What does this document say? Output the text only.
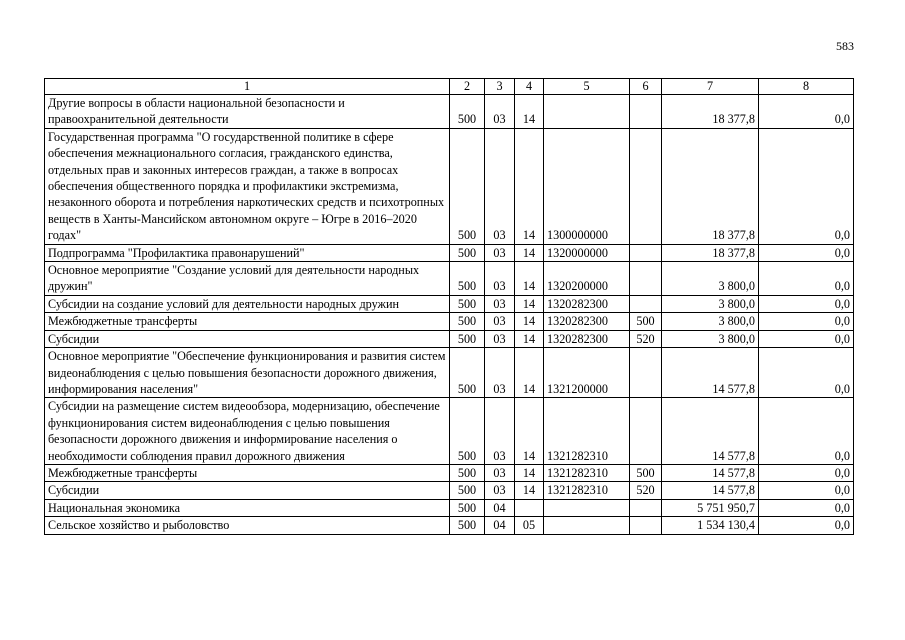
583
1	2	3	4	5	6	7	8
Другие вопросы в области национальной безопасности и правоохранительной деятельности	500	03	14			18 377,8	0,0
Государственная программа "О государственной политике в сфере обеспечения межнационального согласия, гражданского единства, отдельных прав и законных интересов граждан, а также в вопросах обеспечения общественного порядка и профилактики экстремизма, незаконного оборота и потребления наркотических средств и психотропных веществ в Ханты-Мансийском автономном округе – Югре в 2016–2020 годах"	500	03	14	1300000000		18 377,8	0,0
Подпрограмма "Профилактика правонарушений"	500	03	14	1320000000		18 377,8	0,0
Основное мероприятие "Создание условий для деятельности народных дружин"	500	03	14	1320200000		3 800,0	0,0
Субсидии на создание условий для деятельности народных дружин	500	03	14	1320282300		3 800,0	0,0
Межбюджетные трансферты	500	03	14	1320282300	500	3 800,0	0,0
Субсидии	500	03	14	1320282300	520	3 800,0	0,0
Основное мероприятие "Обеспечение функционирования и развития систем видеонаблюдения с целью повышения безопасности дорожного движения, информирования населения"	500	03	14	1321200000		14 577,8	0,0
Субсидии на размещение систем видеообзора, модернизацию, обеспечение функционирования систем видеонаблюдения с целью повышения безопасности дорожного движения и информирование населения о необходимости соблюдения правил дорожного движения	500	03	14	1321282310		14 577,8	0,0
Межбюджетные трансферты	500	03	14	1321282310	500	14 577,8	0,0
Субсидии	500	03	14	1321282310	520	14 577,8	0,0
Национальная экономика	500	04				5 751 950,7	0,0
Сельское хозяйство и рыболовство	500	04	05			1 534 130,4	0,0
